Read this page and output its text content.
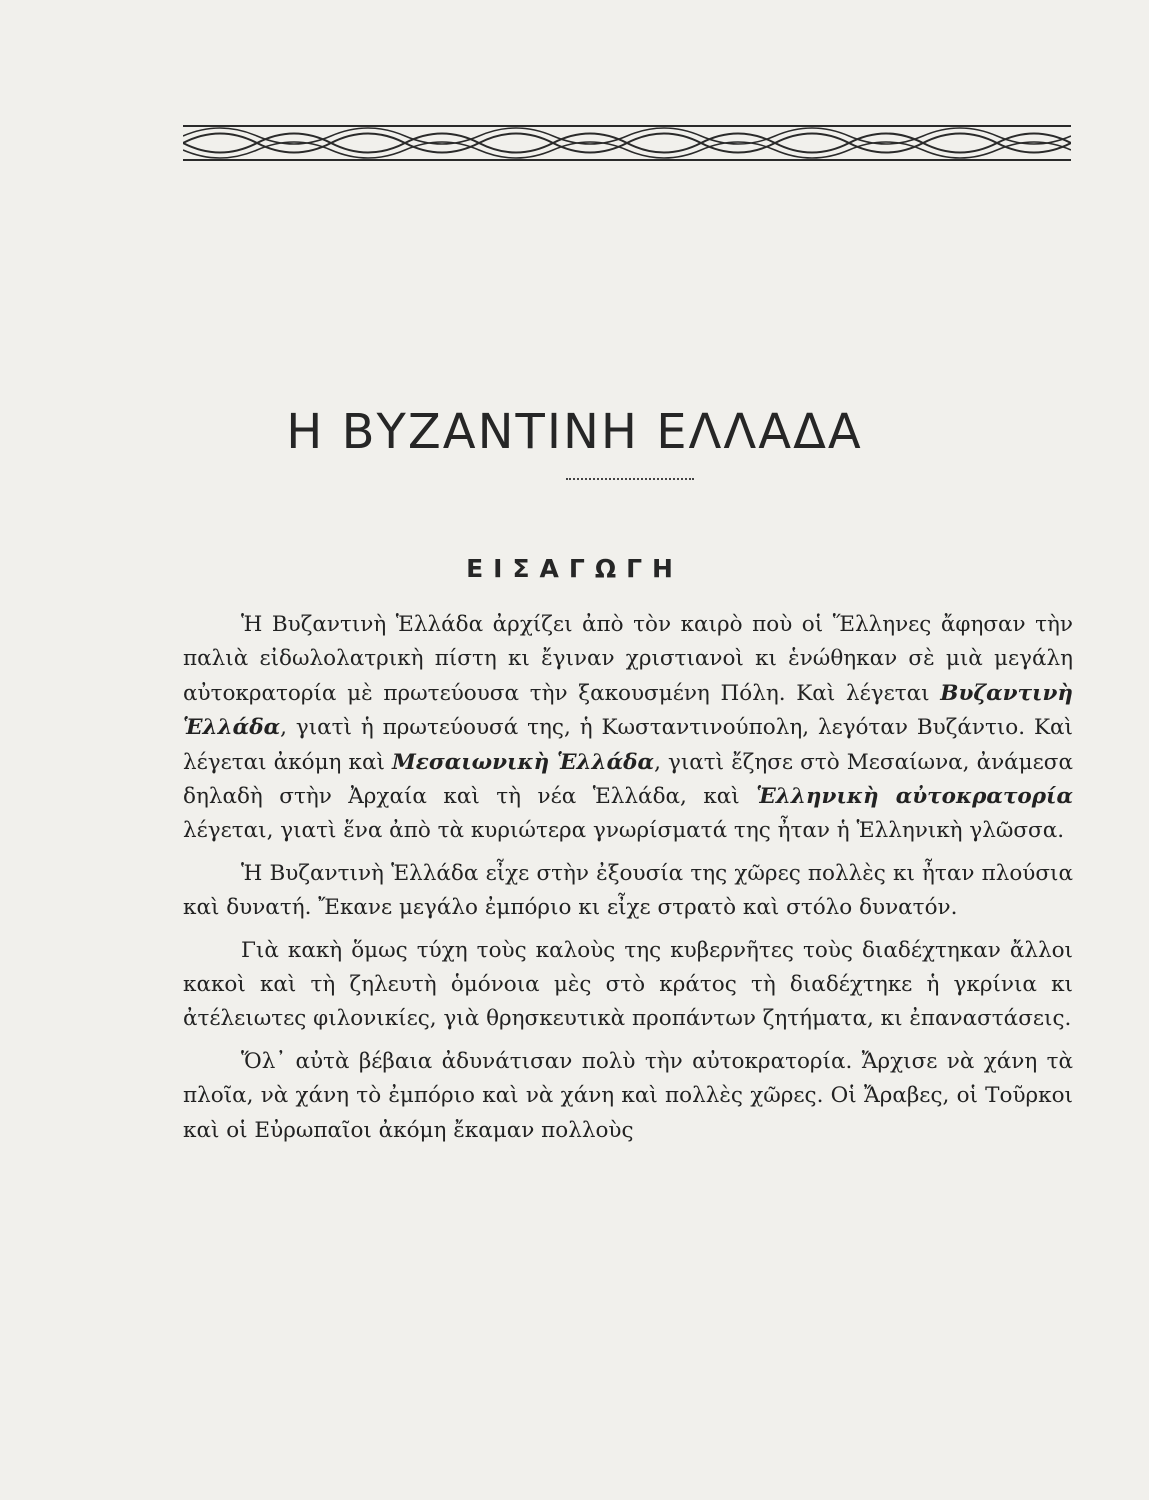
Η ΒΥΖΑΝΤΙΝΗ ΕΛΛΑΔΑ
ΕΙΣΑΓΩΓΗ

Ἡ Βυζαντινὴ Ἑλλάδα ἀρχίζει ἀπὸ τὸν καιρὸ ποὺ οἱ Ἕλληνες ἄφησαν τὴν παλιὰ εἰδωλολατρικὴ πίστη κι ἔγιναν χριστιανοὶ κι ἑνώθηκαν σὲ μιὰ μεγάλη αὐτοκρατορία μὲ πρωτεύουσα τὴν ξακουσμένη Πόλη. Καὶ λέγεται Βυζαντινὴ Ἑλλάδα, γιατὶ ἡ πρωτεύουσά της, ἡ Κωσταντινούπολη, λεγόταν Βυζάντιο. Καὶ λέγεται ἀκόμη καὶ Μεσαιωνικὴ Ἑλλάδα, γιατὶ ἔζησε στὸ Μεσαίωνα, ἀνάμεσα δηλαδὴ στὴν Ἀρχαία καὶ τὴ νέα Ἑλλάδα, καὶ Ἑλληνικὴ αὐτοκρατορία λέγεται, γιατὶ ἕνα ἀπὸ τὰ κυριώτερα γνωρίσματά της ἦταν ἡ Ἑλληνικὴ γλῶσσα.

Ἡ Βυζαντινὴ Ἑλλάδα εἶχε στὴν ἐξουσία της χῶρες πολλὲς κι ἦταν πλούσια καὶ δυνατή. Ἔκανε μεγάλο ἐμπόριο κι εἶχε στρατὸ καὶ στόλο δυνατόν.

Γιὰ κακὴ ὅμως τύχη τοὺς καλοὺς της κυβερνῆτες τοὺς διαδέχτηκαν ἄλλοι κακοὶ καὶ τὴ ζηλευτὴ ὁμόνοια μὲς στὸ κράτος τὴ διαδέχτηκε ἡ γκρίνια κι ἀτέλειωτες φιλονικίες, γιὰ θρησκευτικὰ προπάντων ζητήματα, κι ἐπαναστάσεις.

Ὅλ᾽ αὐτὰ βέβαια ἀδυνάτισαν πολὺ τὴν αὐτοκρατορία. Ἄρχισε νὰ χάνη τὰ πλοῖα, νὰ χάνη τὸ ἐμπόριο καὶ νὰ χάνη καὶ πολλὲς χῶρες. Οἱ Ἄραβες, οἱ Τοῦρκοι καὶ οἱ Εὐρωπαῖοι ἀκόμη ἔκαμαν πολλοὺς
